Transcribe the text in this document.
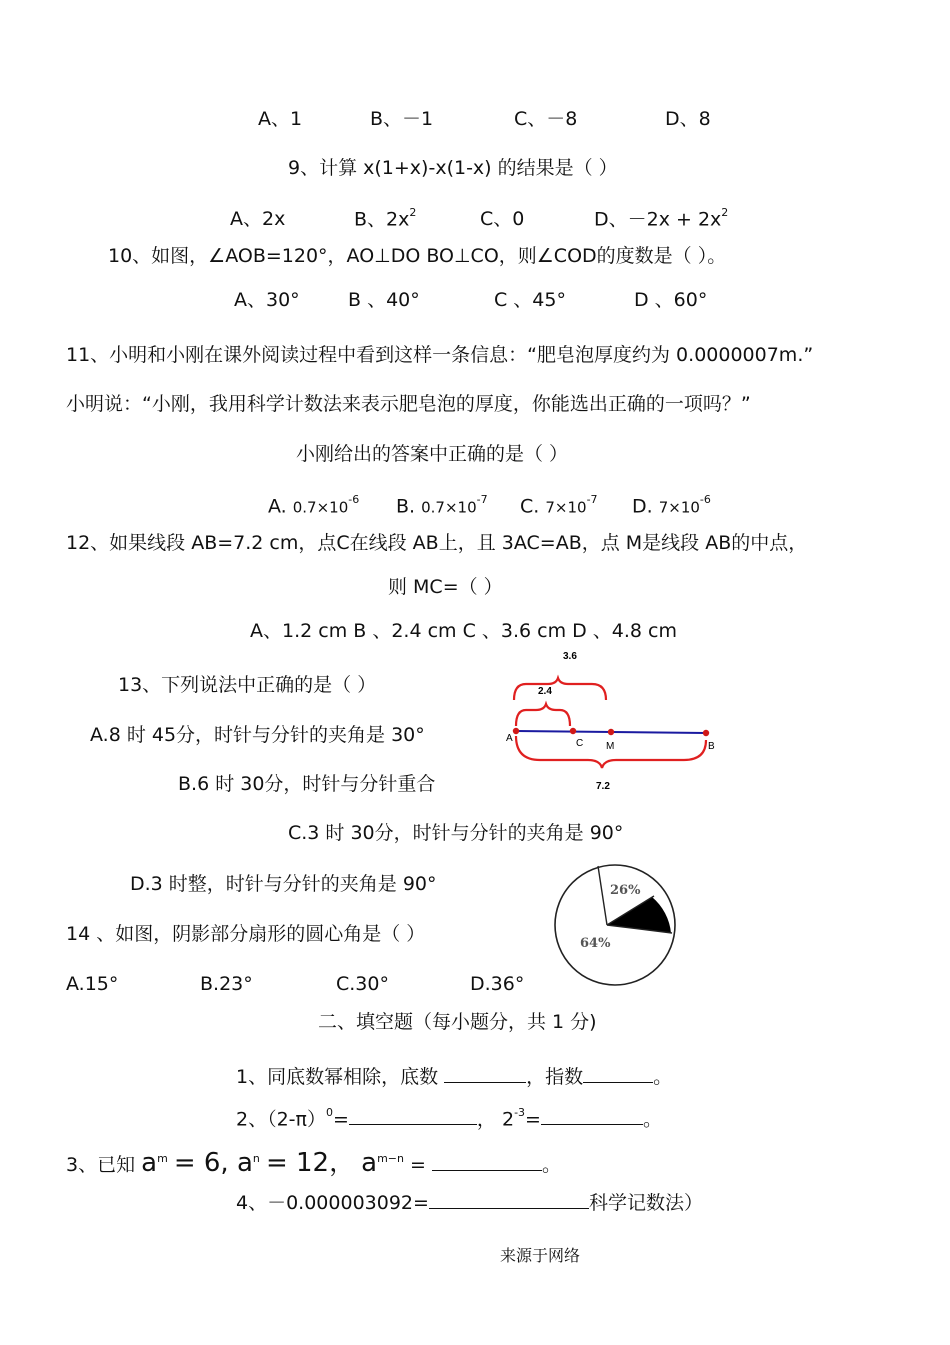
A、1	B、－1	C、－8	D、8
9、计算 x(1+x)-x(1-x) 的结果是（ ）
A、2x	B、$2x^2$	C、0	D、$-2x + 2x^2$
10、如图，∠AOB=120°，AO⊥DO BO⊥CO，则∠COD的度数是（ ）。
A、30°	B 、40°	C 、45°	D 、60°
11、小明和小刚在课外阅读过程中看到这样一条信息：“肥皂泡厚度约为 0.0000007m.”
小明说：“小刚，我用科学计数法来表示肥皂泡的厚度，你能选出正确的一项吗？”
小刚给出的答案中正确的是（ ）
A. $0.7\times 10^{-6}$ B. $0.7\times 10^{-7}$ C. $7\times 10^{-7}$ D. $7\times 10^{-6}$
12、如果线段 AB=7.2 cm，点C在线段 AB上，且 3AC=AB，点 M是线段 AB的中点，
则 MC=（ ）
A、1.2 cm B 、2.4 cm C 、3.6 cm D 、4.8 cm
3.6
2.4
7.2
A	C M	B
13、下列说法中正确的是（ ）
A.8 时 45分，时针与分针的夹角是 30°
B.6 时 30分，时针与分针重合
C.3 时 30分，时针与分针的夹角是 90°
D.3 时整，时针与分针的夹角是 90°	26%
64%
14 、如图，阴影部分扇形的圆心角是（ ）
A.15°	B.23°	C.30°	D.36°
二、填空题（每小题分，共 1 分)
1、同底数幂相除，底数	，指数	。
2、$(2-\pi)^0=$	， $2^{-3}=$	。
3、已知 $a^m = 6$, $a^n = 12$， $a^{m-n}$ =	。
4、－0.000003092=	科学记数法）
来源于网络
